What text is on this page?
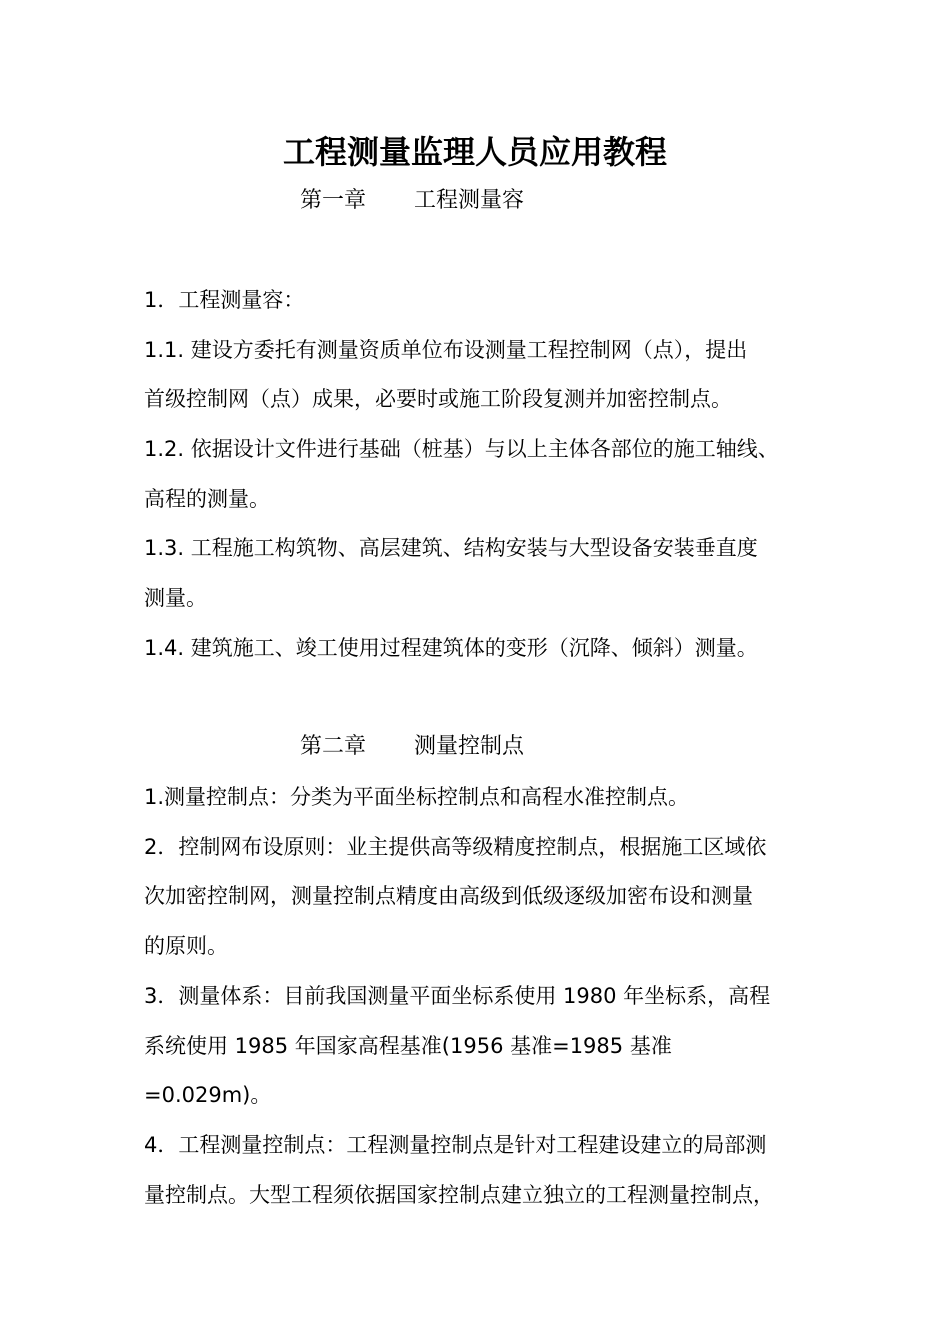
工程测量监理人员应用教程
第一章 工程测量容
1．工程测量容：
1.1. 建设方委托有测量资质单位布设测量工程控制网（点），提出
首级控制网（点）成果，必要时或施工阶段复测并加密控制点。
1.2. 依据设计文件进行基础（桩基）与以上主体各部位的施工轴线、
高程的测量。
1.3. 工程施工构筑物、高层建筑、结构安装与大型设备安装垂直度
测量。
1.4. 建筑施工、竣工使用过程建筑体的变形（沉降、倾斜）测量。
第二章 测量控制点
1.测量控制点：分类为平面坐标控制点和高程水准控制点。
2．控制网布设原则：业主提供高等级精度控制点，根据施工区域依
次加密控制网，测量控制点精度由高级到低级逐级加密布设和测量
的原则。
3．测量体系：目前我国测量平面坐标系使用 1980 年坐标系，高程
系统使用 1985 年国家高程基准(1956 基准=1985 基准
=0.029m)。
4．工程测量控制点：工程测量控制点是针对工程建设建立的局部测
量控制点。大型工程须依据国家控制点建立独立的工程测量控制点，
